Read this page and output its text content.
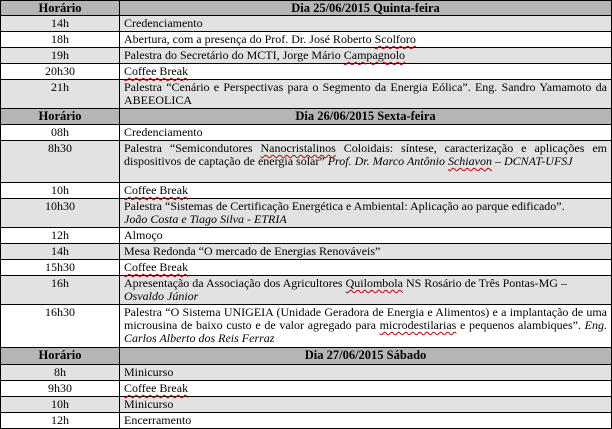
Horário	Dia 25/06/2015 Quinta-feira
14h	Credenciamento
18h	Abertura, com a presença do Prof. Dr. José Roberto Scolforo
19h	Palestra do Secretário do MCTI, Jorge Mário Campagnolo
20h30	Coffee Break
21h	Palestra “Cenário e Perspectivas para o Segmento da Energia Eólica”. Eng. Sandro Yamamoto da ABEEOLICA
Horário	Dia 26/06/2015 Sexta-feira
08h	Credenciamento
8h30	Palestra “Semicondutores Nanocristalinos Coloidais: síntese, caracterização e aplicações em dispositivos de captação de energia solar” Prof. Dr. Marco Antônio Schiavon – DCNAT-UFSJ
10h	Coffee Break
10h30	Palestra “Sistemas de Certificação Energética e Ambiental: Aplicação ao parque edificado”.
João Costa e Tiago Silva - ETRIA
12h	Almoço
14h	Mesa Redonda “O mercado de Energias Renováveis”
15h30	Coffee Break
16h	Apresentação da Associação dos Agricultores Quilombola NS Rosário de Três Pontas-MG –
Osvaldo Júnior
16h30	Palestra “O Sistema UNIGEIA (Unidade Geradora de Energia e Alimentos) e a implantação de uma microusina de baixo custo e de valor agregado para microdestilarias e pequenos alambiques”. Eng. Carlos Alberto dos Reis Ferraz
Horário	Dia 27/06/2015 Sábado
8h	Minicurso
9h30	Coffee Break
10h	Minicurso
12h	Encerramento
